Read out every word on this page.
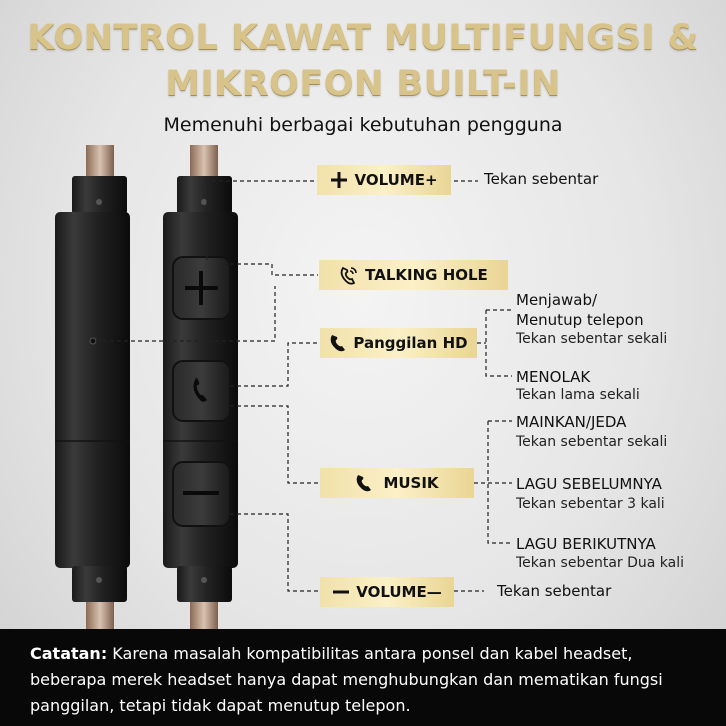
KONTROL KAWAT MULTIFUNGSI &
MIKROFON BUILT-IN
Memenuhi berbagai kebutuhan pengguna
VOLUME+
TALKING HOLE
Panggilan HD
MUSIK
VOLUME—
Tekan sebentar
Menjawab/
Menutup telepon
Tekan sebentar sekali
MENOLAK
Tekan lama sekali
MAINKAN/JEDA
Tekan sebentar sekali
LAGU SEBELUMNYA
Tekan sebentar 3 kali
LAGU BERIKUTNYA
Tekan sebentar Dua kali
Tekan sebentar
Catatan: Karena masalah kompatibilitas antara ponsel dan kabel headset, beberapa merek headset hanya dapat menghubungkan dan mematikan fungsi panggilan, tetapi tidak dapat menutup telepon.
